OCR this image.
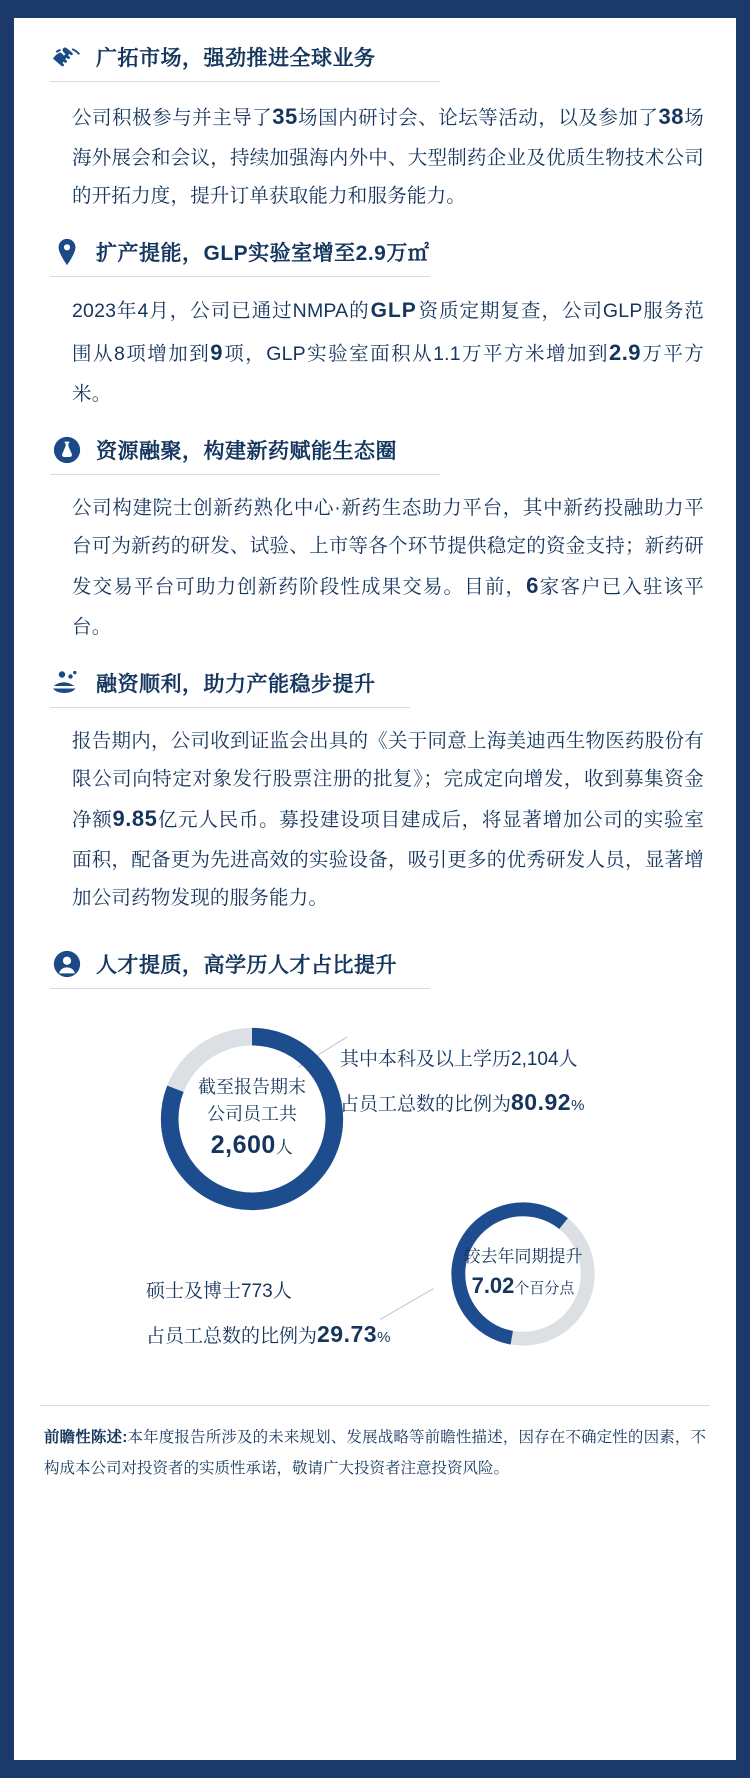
广拓市场，强劲推进全球业务
公司积极参与并主导了35场国内研讨会、论坛等活动，以及参加了38场海外展会和会议，持续加强海内外中、大型制药企业及优质生物技术公司的开拓力度，提升订单获取能力和服务能力。
扩产提能，GLP实验室增至2.9万㎡
2023年4月，公司已通过NMPA的GLP资质定期复查，公司GLP服务范围从8项增加到9项，GLP实验室面积从1.1万平方米增加到2.9万平方米。
资源融聚，构建新药赋能生态圈
公司构建院士创新药熟化中心·新药生态助力平台，其中新药投融助力平台可为新药的研发、试验、上市等各个环节提供稳定的资金支持；新药研发交易平台可助力创新药阶段性成果交易。目前，6家客户已入驻该平台。
融资顺利，助力产能稳步提升
报告期内，公司收到证监会出具的《关于同意上海美迪西生物医药股份有限公司向特定对象发行股票注册的批复》；完成定向增发，收到募集资金净额9.85亿元人民币。募投建设项目建成后，将显著增加公司的实验室面积，配备更为先进高效的实验设备，吸引更多的优秀研发人员，显著增加公司药物发现的服务能力。
人才提质，高学历人才占比提升
截至报告期末
公司员工共
2,600人
其中本科及以上学历2,104人
占员工总数的比例为80.92%
较去年同期提升
7.02个百分点
硕士及博士773人
占员工总数的比例为29.73%
前瞻性陈述:本年度报告所涉及的未来规划、发展战略等前瞻性描述，因存在不确定性的因素，不构成本公司对投资者的实质性承诺，敬请广大投资者注意投资风险。
